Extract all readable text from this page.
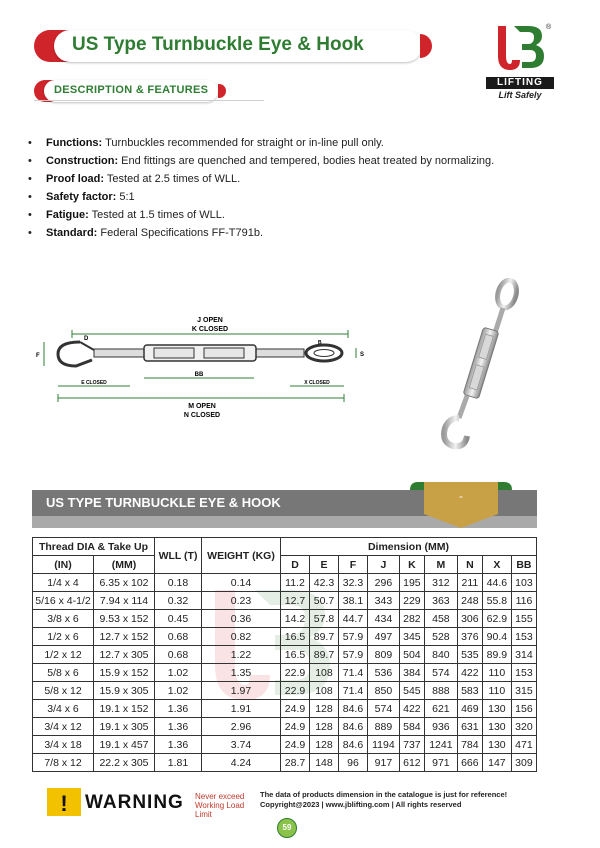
US Type Turnbuckle Eye & Hook
®
LIFTING
Lift Safely
DESCRIPTION & FEATURES
• Functions: Turnbuckles recommended for straight or in-line pull only.
• Construction: End fittings are quenched and tempered, bodies heat treated by normalizing.
• Proof load: Tested at 2.5 times of WLL.
• Safety factor: 5:1
• Fatigue: Tested at 1.5 times of WLL.
• Standard: Federal Specifications FF-T791b.
J OPEN
K CLOSED
BB
E CLOSED	X CLOSED
M OPEN
N CLOSED
F
D
S
B
US TYPE TURNBUCKLE EYE & HOOK	-
Thread DIA & Take Up		WLL (T)	WEIGHT (KG)	Dimension (MM)								
(IN)	(MM)			D	E	F	J	K	M	N	X	BB
1/4 x 4	6.35 x 102	0.18	0.14	11.2	42.3	32.3	296	195	312	211	44.6	103
5/16 x 4-1/2	7.94 x 114	0.32	0.23	12.7	50.7	38.1	343	229	363	248	55.8	116
3/8 x 6	9.53 x 152	0.45	0.36	14.2	57.8	44.7	434	282	458	306	62.9	155
1/2 x 6	12.7 x 152	0.68	0.82	16.5	89.7	57.9	497	345	528	376	90.4	153
1/2 x 12	12.7 x 305	0.68	1.22	16.5	89.7	57.9	809	504	840	535	89.9	314
5/8 x 6	15.9 x 152	1.02	1.35	22.9	108	71.4	536	384	574	422	110	153
5/8 x 12	15.9 x 305	1.02	1.97	22.9	108	71.4	850	545	888	583	110	315
3/4 x 6	19.1 x 152	1.36	1.91	24.9	128	84.6	574	422	621	469	130	156
3/4 x 12	19.1 x 305	1.36	2.96	24.9	128	84.6	889	584	936	631	130	320
3/4 x 18	19.1 x 457	1.36	3.74	24.9	128	84.6	1194	737	1241	784	130	471
7/8 x 12	22.2 x 305	1.81	4.24	28.7	148	96	917	612	971	666	147	309
! WARNING Never exceed Working Load Limit
The data of products dimension in the catalogue is just for reference!
Copyright@2023 | www.jblifting.com | All rights reserved
59
